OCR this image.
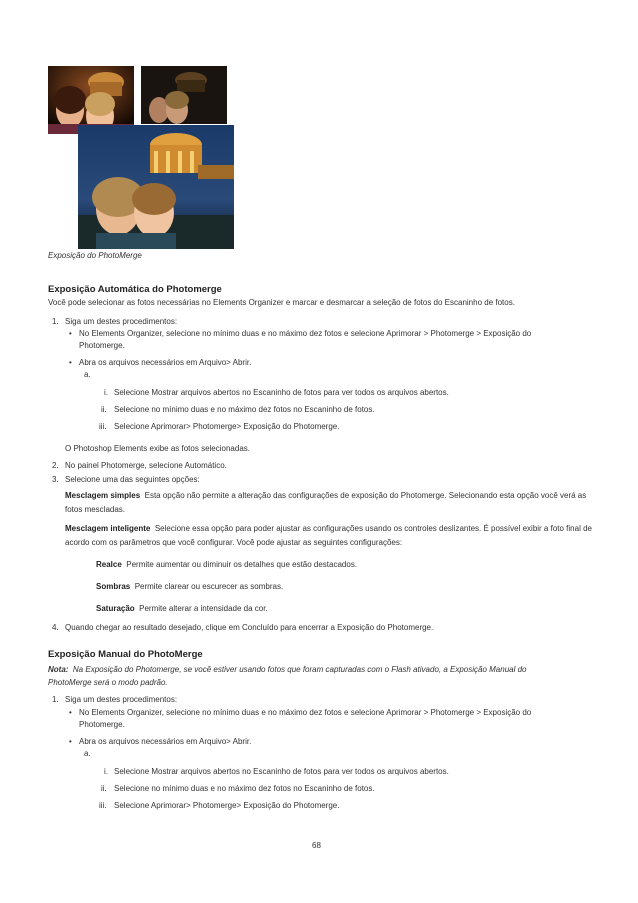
Exposição do PhotoMerge
Exposição Automática do Photomerge
Você pode selecionar as fotos necessárias no Elements Organizer e marcar e desmarcar a seleção de fotos do Escaninho de fotos.
1. Siga um destes procedimentos:
• No Elements Organizer, selecione no mínimo duas e no máximo dez fotos e selecione Aprimorar > Photomerge > Exposição do
Photomerge.
• Abra os arquivos necessários em Arquivo> Abrir.
a.
i. Selecione Mostrar arquivos abertos no Escaninho de fotos para ver todos os arquivos abertos.
ii. Selecione no mínimo duas e no máximo dez fotos no Escaninho de fotos.
iii. Selecione Aprimorar> Photomerge> Exposição do Photomerge.
O Photoshop Elements exibe as fotos selecionadas.
2. No painel Photomerge, selecione Automático.
3. Selecione uma das seguintes opções:
Mesclagem simples Esta opção não permite a alteração das configurações de exposição do Photomerge. Selecionando esta opção você verá as fotos mescladas.
Mesclagem inteligente Selecione essa opção para poder ajustar as configurações usando os controles deslizantes. É possível exibir a foto final de acordo com os parâmetros que você configurar. Você pode ajustar as seguintes configurações:
Realce Permite aumentar ou diminuir os detalhes que estão destacados.
Sombras Permite clarear ou escurecer as sombras.
Saturação Permite alterar a intensidade da cor.
4. Quando chegar ao resultado desejado, clique em Concluído para encerrar a Exposição do Photomerge.
Exposição Manual do PhotoMerge
Nota: Na Exposição do Photomerge, se você estiver usando fotos que foram capturadas com o Flash ativado, a Exposição Manual do
PhotoMerge será o modo padrão.
1. Siga um destes procedimentos:
• No Elements Organizer, selecione no mínimo duas e no máximo dez fotos e selecione Aprimorar > Photomerge > Exposição do
Photomerge.
• Abra os arquivos necessários em Arquivo> Abrir.
a.
i. Selecione Mostrar arquivos abertos no Escaninho de fotos para ver todos os arquivos abertos.
ii. Selecione no mínimo duas e no máximo dez fotos no Escaninho de fotos.
iii. Selecione Aprimorar> Photomerge> Exposição do Photomerge.
68
